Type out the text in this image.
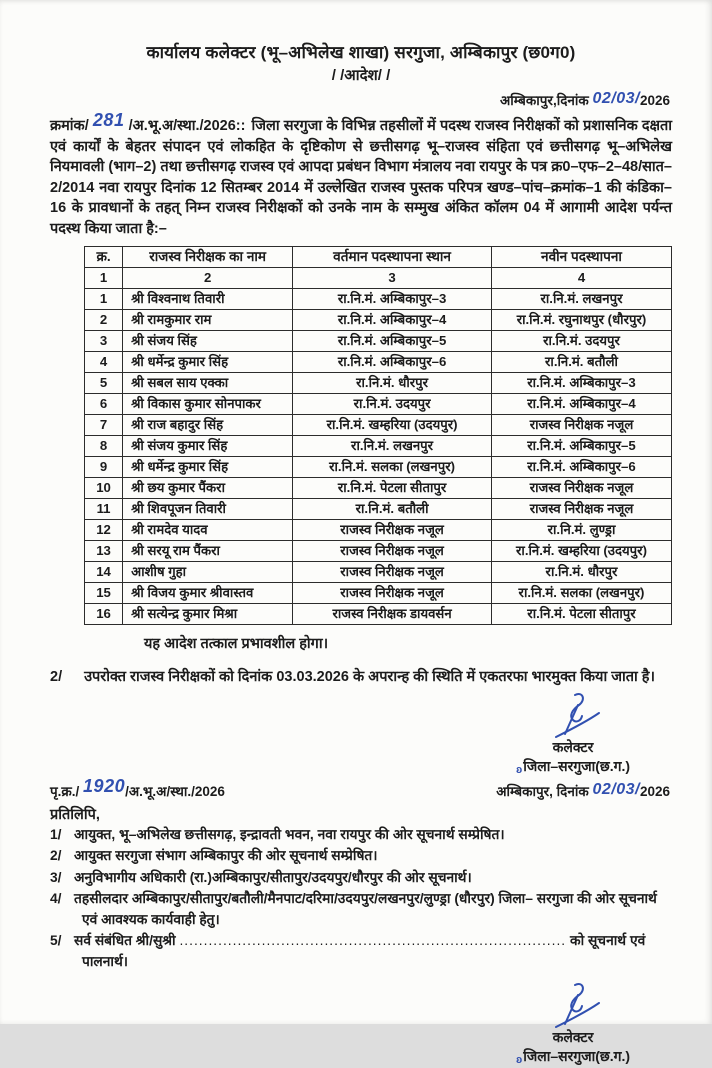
कार्यालय कलेक्टर (भू–अभिलेख शाखा) सरगुजा, अम्बिकापुर (छ0ग0)
/ /आदेश/ /
अम्बिकापुर,दिनांक 02/03/2026

क्रमांक/ 281 /अ.भू.अ/स्था./2026:: जिला सरगुजा के विभिन्न तहसीलों में पदस्थ राजस्व निरीक्षकों को प्रशासनिक दक्षता एवं कार्यों के बेहतर संपादन एवं लोकहित के दृष्टिकोण से छत्तीसगढ़ भू–राजस्व संहिता एवं छत्तीसगढ़ भू–अभिलेख नियमावली (भाग–2) तथा छत्तीसगढ़ राजस्व एवं आपदा प्रबंधन विभाग मंत्रालय नवा रायपुर के पत्र क्र0–एफ–2–48/सात–2/2014 नवा रायपुर दिनांक 12 सितम्बर 2014 में उल्लेखित राजस्व पुस्तक परिपत्र खण्ड–पांच–क्रमांक–1 की कंडिका–16 के प्रावधानों के तहत् निम्न राजस्व निरीक्षकों को उनके नाम के सम्मुख अंकित कॉलम 04 में आगामी आदेश पर्यन्त पदस्थ किया जाता है:–

क्र.	राजस्व निरीक्षक का नाम	वर्तमान पदस्थापना स्थान	नवीन पदस्थापना
1	2	3	4
1	श्री विश्वनाथ तिवारी	रा.नि.मं. अम्बिकापुर–3	रा.नि.मं. लखनपुर
2	श्री रामकुमार राम	रा.नि.मं. अम्बिकापुर–4	रा.नि.मं. रघुनाथपुर (धौरपुर)
3	श्री संजय सिंह	रा.नि.मं. अम्बिकापुर–5	रा.नि.मं. उदयपुर
4	श्री धर्मेन्द्र कुमार सिंह	रा.नि.मं. अम्बिकापुर–6	रा.नि.मं. बतौली
5	श्री सबल साय एक्का	रा.नि.मं. धौरपुर	रा.नि.मं. अम्बिकापुर–3
6	श्री विकास कुमार सोनपाकर	रा.नि.मं. उदयपुर	रा.नि.मं. अम्बिकापुर–4
7	श्री राज बहादुर सिंह	रा.नि.मं. खम्हरिया (उदयपुर)	राजस्व निरीक्षक नजूल
8	श्री संजय कुमार सिंह	रा.नि.मं. लखनपुर	रा.नि.मं. अम्बिकापुर–5
9	श्री धर्मेन्द्र कुमार सिंह	रा.नि.मं. सलका (लखनपुर)	रा.नि.मं. अम्बिकापुर–6
10	श्री छय कुमार पैंकरा	रा.नि.मं. पेटला सीतापुर	राजस्व निरीक्षक नजूल
11	श्री शिवपूजन तिवारी	रा.नि.मं. बतौली	राजस्व निरीक्षक नजूल
12	श्री रामदेव यादव	राजस्व निरीक्षक नजूल	रा.नि.मं. लुण्ड्रा
13	श्री सरयू राम पैंकरा	राजस्व निरीक्षक नजूल	रा.नि.मं. खम्हरिया (उदयपुर)
14	आशीष गुहा	राजस्व निरीक्षक नजूल	रा.नि.मं. धौरपुर
15	श्री विजय कुमार श्रीवास्तव	राजस्व निरीक्षक नजूल	रा.नि.मं. सलका (लखनपुर)
16	श्री सत्येन्द्र कुमार मिश्रा	राजस्व निरीक्षक डायवर्सन	रा.नि.मं. पेटला सीतापुर
यह आदेश तत्काल प्रभावशील होगा।

2/ उपरोक्त राजस्व निरीक्षकों को दिनांक 03.03.2026 के अपरान्ह की स्थिति में एकतरफा भारमुक्त किया जाता है।

कलेक्टर
ʚजिला–सरगुजा(छ.ग.)
पृ.क्र./ 1920/अ.भू.अ/स्था./2026	अम्बिकापुर, दिनांक 02/03/2026
प्रतिलिपि,
1/ आयुक्त, भू–अभिलेख छत्तीसगढ़, इन्द्रावती भवन, नवा रायपुर की ओर सूचनार्थ सम्प्रेषित।
2/ आयुक्त सरगुजा संभाग अम्बिकापुर की ओर सूचनार्थ सम्प्रेषित।
3/ अनुविभागीय अधिकारी (रा.)अम्बिकापुर/सीतापुर/उदयपुर/धौरपुर की ओर सूचनार्थ।
4/ तहसीलदार अम्बिकापुर/सीतापुर/बतौली/मैनपाट/दरिमा/उदयपुर/लखनपुर/लुण्ड्रा (धौरपुर) जिला– सरगुजा की ओर सूचनार्थ एवं आवश्यक कार्यवाही हेतु।
5/ सर्व संबंधित श्री/सुश्री ................................................................................ को सूचनार्थ एवं पालनार्थ।
कलेक्टर
ʚजिला–सरगुजा(छ.ग.)
